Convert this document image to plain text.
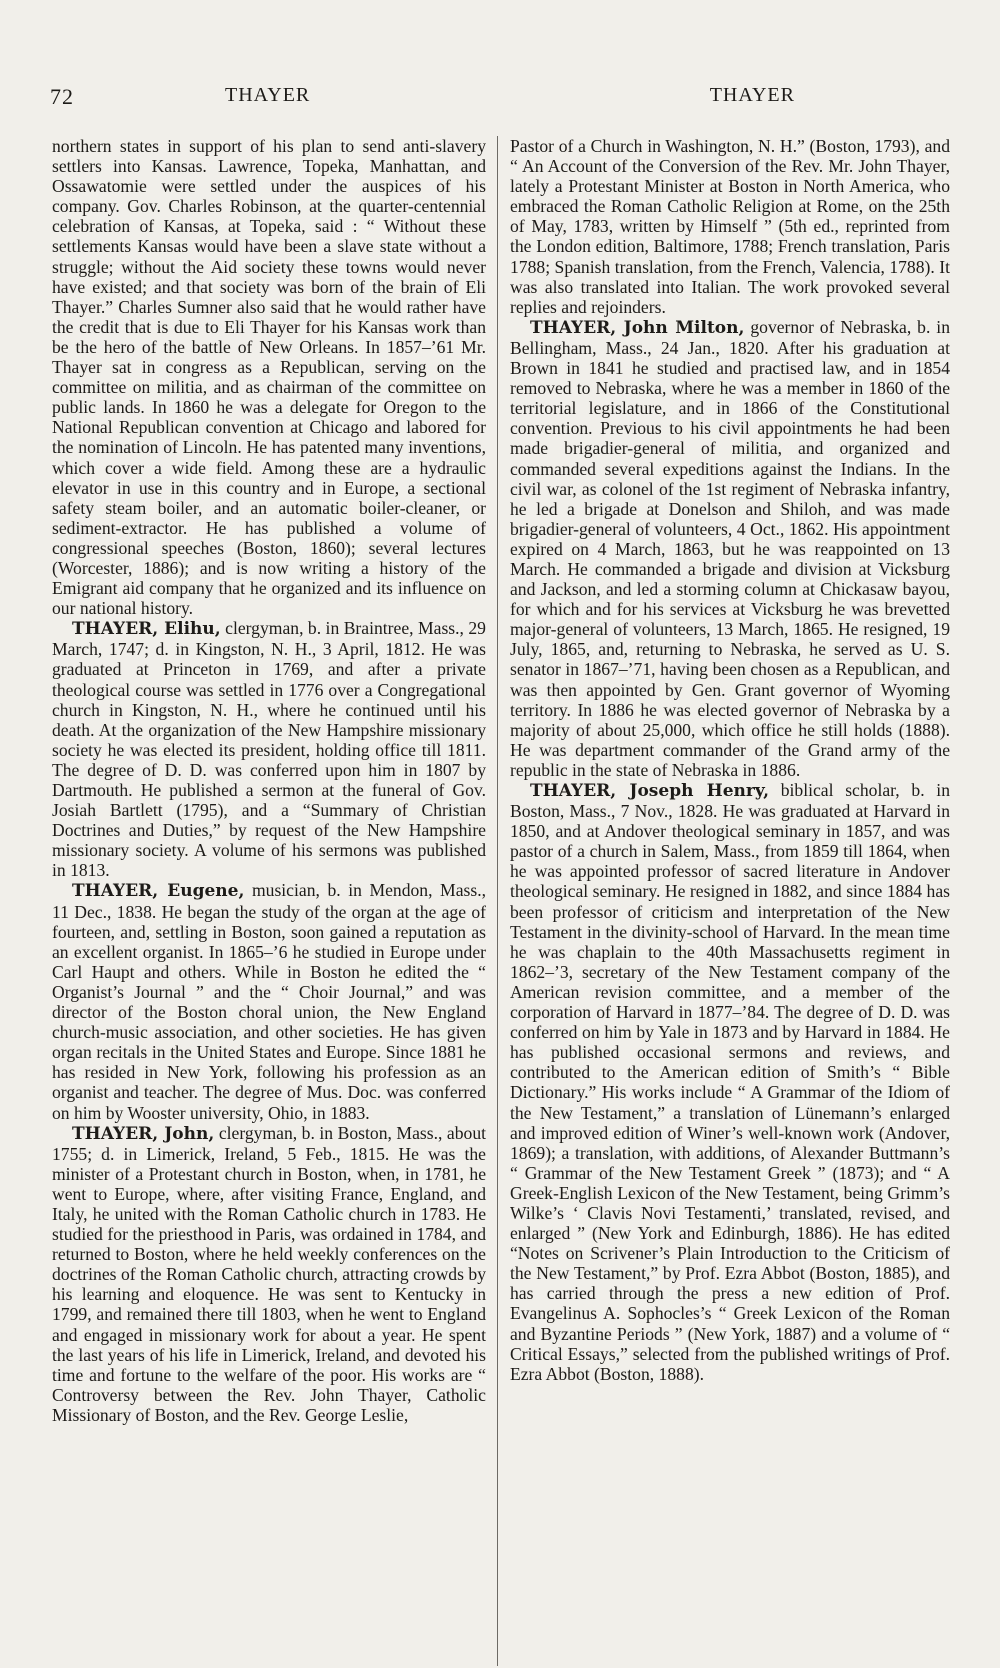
72	THAYER	THAYER

northern states in support of his plan to send anti-slavery settlers into Kansas. Lawrence, Topeka, Manhattan, and Ossawatomie were settled under the auspices of his company. Gov. Charles Robinson, at the quarter-centennial celebration of Kansas, at Topeka, said : “ Without these settlements Kansas would have been a slave state without a struggle; without the Aid society these towns would never have existed; and that society was born of the brain of Eli Thayer.” Charles Sumner also said that he would rather have the credit that is due to Eli Thayer for his Kansas work than be the hero of the battle of New Orleans. In 1857–’61 Mr. Thayer sat in congress as a Republican, serving on the committee on militia, and as chairman of the committee on public lands. In 1860 he was a delegate for Oregon to the National Republican convention at Chicago and labored for the nomination of Lincoln. He has patented many inventions, which cover a wide field. Among these are a hydraulic elevator in use in this country and in Europe, a sectional safety steam boiler, and an automatic boiler-cleaner, or sediment-extractor. He has published a volume of congressional speeches (Boston, 1860); several lectures (Worcester, 1886); and is now writing a history of the Emigrant aid company that he organized and its influence on our national history.

THAYER, Elihu, clergyman, b. in Braintree, Mass., 29 March, 1747; d. in Kingston, N. H., 3 April, 1812. He was graduated at Princeton in 1769, and after a private theological course was settled in 1776 over a Congregational church in Kingston, N. H., where he continued until his death. At the organization of the New Hampshire missionary society he was elected its president, holding office till 1811. The degree of D. D. was conferred upon him in 1807 by Dartmouth. He published a sermon at the funeral of Gov. Josiah Bartlett (1795), and a “Summary of Christian Doctrines and Duties,” by request of the New Hampshire missionary society. A volume of his sermons was published in 1813.

THAYER, Eugene, musician, b. in Mendon, Mass., 11 Dec., 1838. He began the study of the organ at the age of fourteen, and, settling in Boston, soon gained a reputation as an excellent organist. In 1865–’6 he studied in Europe under Carl Haupt and others. While in Boston he edited the “ Organist’s Journal ” and the “ Choir Journal,” and was director of the Boston choral union, the New England church-music association, and other societies. He has given organ recitals in the United States and Europe. Since 1881 he has resided in New York, following his profession as an organist and teacher. The degree of Mus. Doc. was conferred on him by Wooster university, Ohio, in 1883.

THAYER, John, clergyman, b. in Boston, Mass., about 1755; d. in Limerick, Ireland, 5 Feb., 1815. He was the minister of a Protestant church in Boston, when, in 1781, he went to Europe, where, after visiting France, England, and Italy, he united with the Roman Catholic church in 1783. He studied for the priesthood in Paris, was ordained in 1784, and returned to Boston, where he held weekly conferences on the doctrines of the Roman Catholic church, attracting crowds by his learning and eloquence. He was sent to Kentucky in 1799, and remained there till 1803, when he went to England and engaged in missionary work for about a year. He spent the last years of his life in Limerick, Ireland, and devoted his time and fortune to the welfare of the poor. His works are “ Controversy between the Rev. John Thayer, Catholic Missionary of Boston, and the Rev. George Leslie,

Pastor of a Church in Washington, N. H.” (Boston, 1793), and “ An Account of the Conversion of the Rev. Mr. John Thayer, lately a Protestant Minister at Boston in North America, who embraced the Roman Catholic Religion at Rome, on the 25th of May, 1783, written by Himself ” (5th ed., reprinted from the London edition, Baltimore, 1788; French translation, Paris 1788; Spanish translation, from the French, Valencia, 1788). It was also translated into Italian. The work provoked several replies and rejoinders.

THAYER, John Milton, governor of Nebraska, b. in Bellingham, Mass., 24 Jan., 1820. After his graduation at Brown in 1841 he studied and practised law, and in 1854 removed to Nebraska, where he was a member in 1860 of the territorial legislature, and in 1866 of the Constitutional convention. Previous to his civil appointments he had been made brigadier-general of militia, and organized and commanded several expeditions against the Indians. In the civil war, as colonel of the 1st regiment of Nebraska infantry, he led a brigade at Donelson and Shiloh, and was made brigadier-general of volunteers, 4 Oct., 1862. His appointment expired on 4 March, 1863, but he was reappointed on 13 March. He commanded a brigade and division at Vicksburg and Jackson, and led a storming column at Chickasaw bayou, for which and for his services at Vicksburg he was brevetted major-general of volunteers, 13 March, 1865. He resigned, 19 July, 1865, and, returning to Nebraska, he served as U. S. senator in 1867–’71, having been chosen as a Republican, and was then appointed by Gen. Grant governor of Wyoming territory. In 1886 he was elected governor of Nebraska by a majority of about 25,000, which office he still holds (1888). He was department commander of the Grand army of the republic in the state of Nebraska in 1886.

THAYER, Joseph Henry, biblical scholar, b. in Boston, Mass., 7 Nov., 1828. He was graduated at Harvard in 1850, and at Andover theological seminary in 1857, and was pastor of a church in Salem, Mass., from 1859 till 1864, when he was appointed professor of sacred literature in Andover theological seminary. He resigned in 1882, and since 1884 has been professor of criticism and interpretation of the New Testament in the divinity-school of Harvard. In the mean time he was chaplain to the 40th Massachusetts regiment in 1862–’3, secretary of the New Testament company of the American revision committee, and a member of the corporation of Harvard in 1877–’84. The degree of D. D. was conferred on him by Yale in 1873 and by Harvard in 1884. He has published occasional sermons and reviews, and contributed to the American edition of Smith’s “ Bible Dictionary.” His works include “ A Grammar of the Idiom of the New Testament,” a translation of Lünemann’s enlarged and improved edition of Winer’s well-known work (Andover, 1869); a translation, with additions, of Alexander Buttmann’s “ Grammar of the New Testament Greek ” (1873); and “ A Greek-English Lexicon of the New Testament, being Grimm’s Wilke’s ‘ Clavis Novi Testamenti,’ translated, revised, and enlarged ” (New York and Edinburgh, 1886). He has edited “Notes on Scrivener’s Plain Introduction to the Criticism of the New Testament,” by Prof. Ezra Abbot (Boston, 1885), and has carried through the press a new edition of Prof. Evangelinus A. Sophocles’s “ Greek Lexicon of the Roman and Byzantine Periods ” (New York, 1887) and a volume of “ Critical Essays,” selected from the published writings of Prof. Ezra Abbot (Boston, 1888).
